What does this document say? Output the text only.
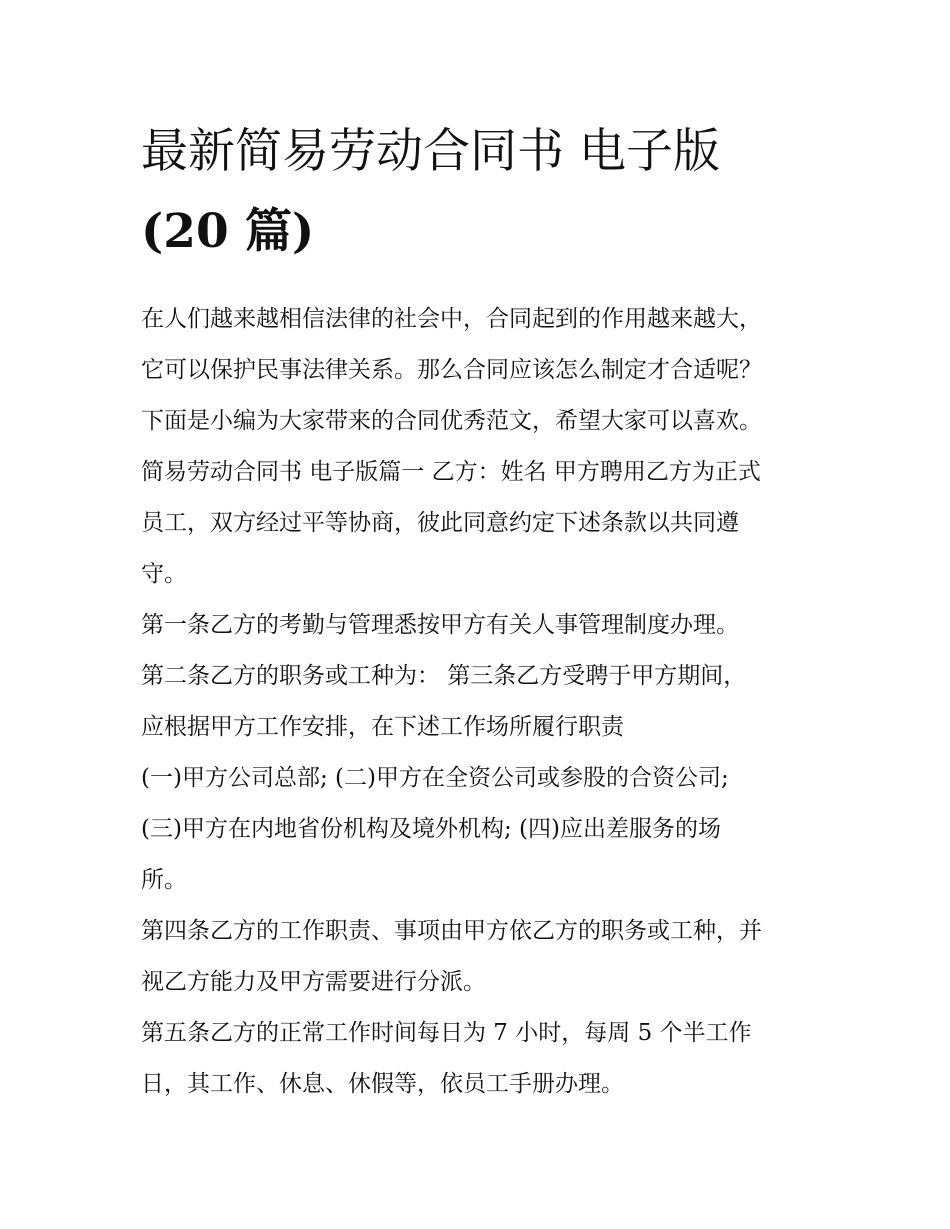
最新简易劳动合同书 电子版
(20 篇)

在人们越来越相信法律的社会中，合同起到的作用越来越大，
它可以保护民事法律关系。那么合同应该怎么制定才合适呢？
下面是小编为大家带来的合同优秀范文，希望大家可以喜欢。
简易劳动合同书 电子版篇一 乙方：姓名 甲方聘用乙方为正式
员工，双方经过平等协商，彼此同意约定下述条款以共同遵
守。

第一条乙方的考勤与管理悉按甲方有关人事管理制度办理。

第二条乙方的职务或工种为： 第三条乙方受聘于甲方期间，
应根据甲方工作安排，在下述工作场所履行职责

(一)甲方公司总部; (二)甲方在全资公司或参股的合资公司;

(三)甲方在内地省份机构及境外机构; (四)应出差服务的场
所。

第四条乙方的工作职责、事项由甲方依乙方的职务或工种，并
视乙方能力及甲方需要进行分派。

第五条乙方的正常工作时间每日为 7 小时，每周 5 个半工作
日，其工作、休息、休假等，依员工手册办理。
